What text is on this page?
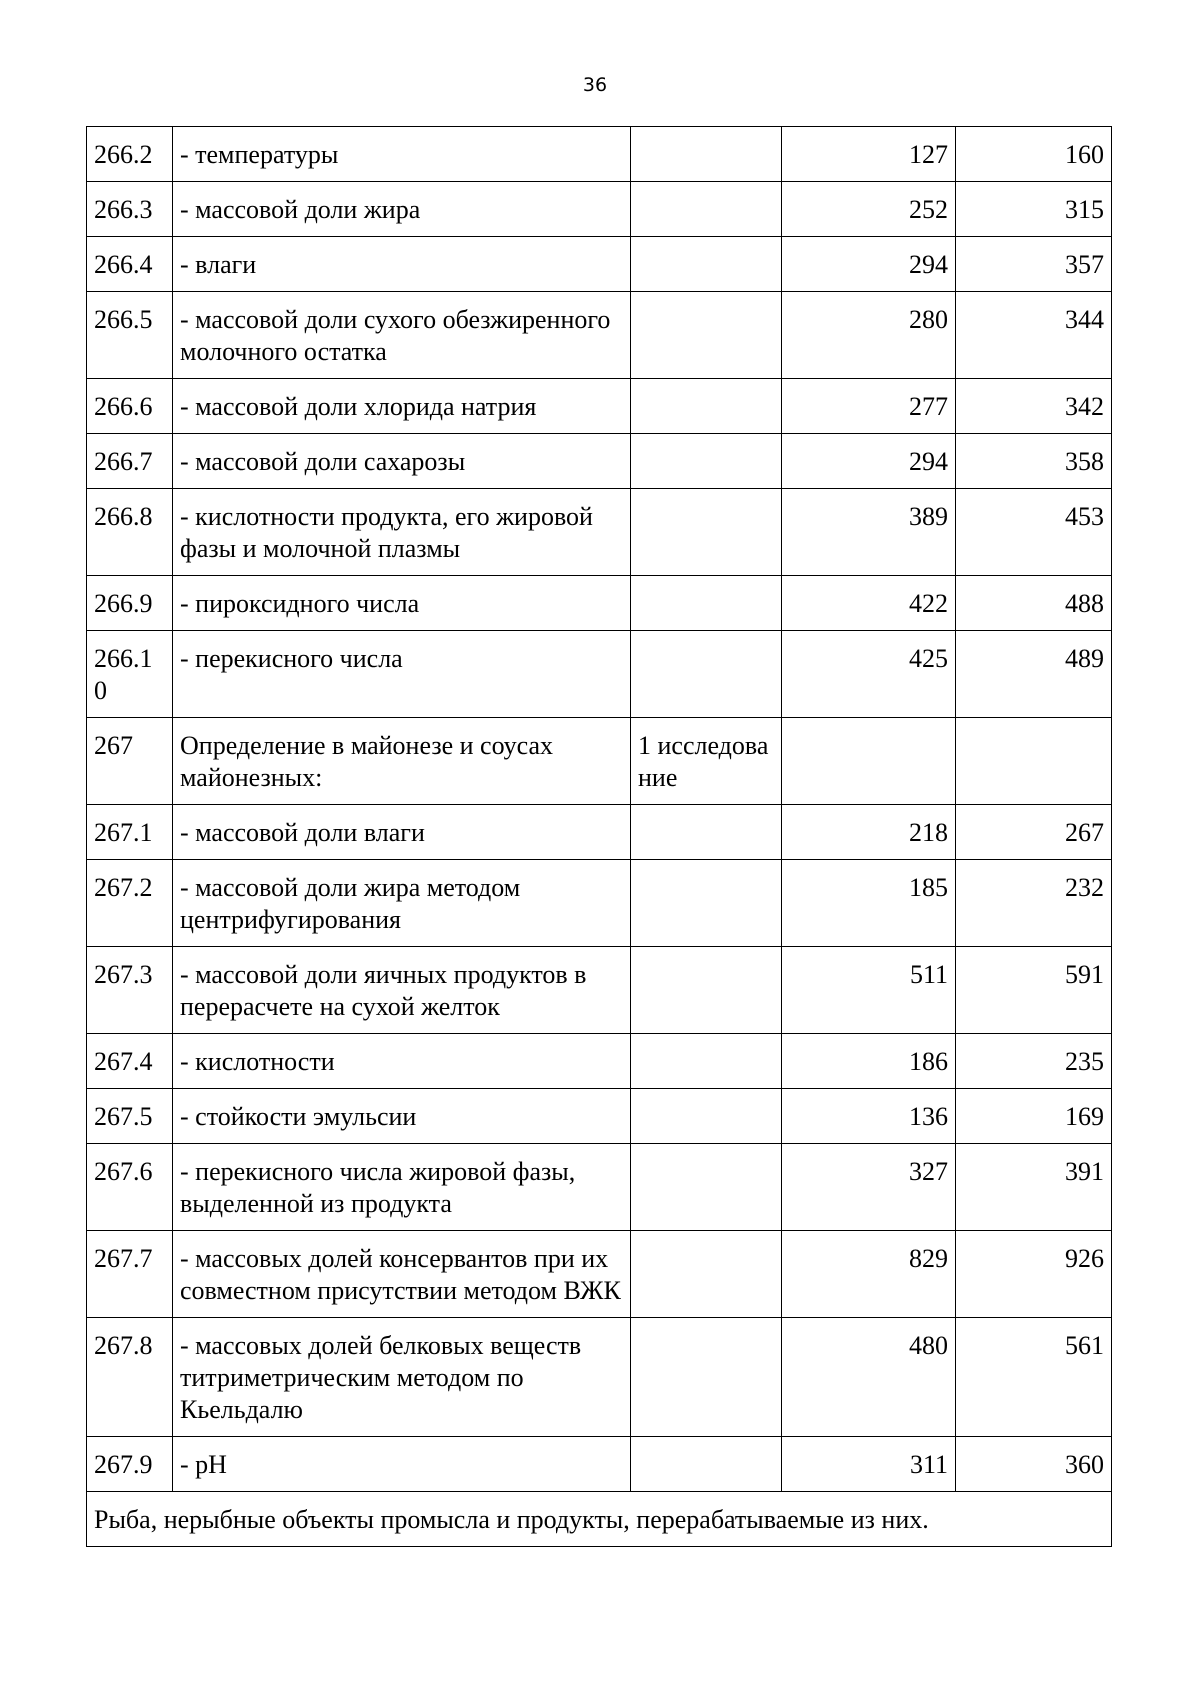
36
266.2	- температуры		127	160
266.3	- массовой доли жира		252	315
266.4	- влаги		294	357
266.5	- массовой доли сухого обезжиренного молочного остатка		280	344
266.6	- массовой доли хлорида натрия		277	342
266.7	- массовой доли сахарозы		294	358
266.8	- кислотности продукта, его жировой фазы и молочной плазмы		389	453
266.9	- пироксидного числа		422	488
266.10	- перекисного числа		425	489
267	Определение в майонезе и соусах майонезных:	1 исследование		
267.1	- массовой доли влаги		218	267
267.2	- массовой доли жира методом центрифугирования		185	232
267.3	- массовой доли яичных продуктов в перерасчете на сухой желток		511	591
267.4	- кислотности		186	235
267.5	- стойкости эмульсии		136	169
267.6	- перекисного числа жировой фазы, выделенной из продукта		327	391
267.7	- массовых долей консервантов при их совместном присутствии методом ВЖК		829	926
267.8	- массовых долей белковых веществ титриметрическим методом по Кьельдалю		480	561
267.9	- pH		311	360
Рыба, нерыбные объекты промысла и продукты, перерабатываемые из них.				
